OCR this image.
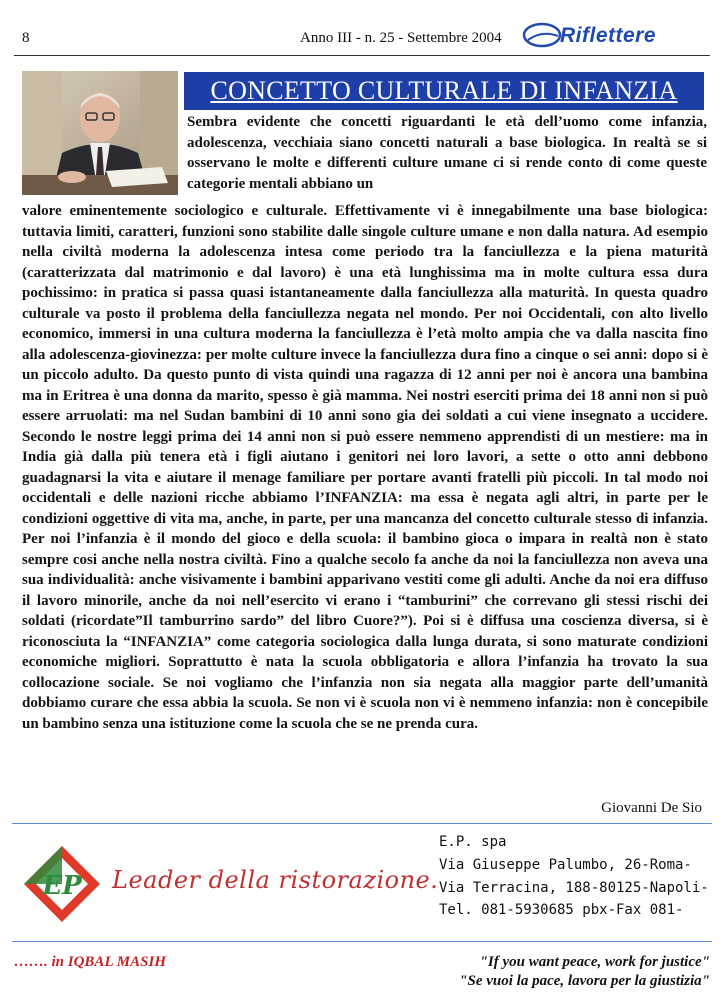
8	Anno III - n. 25 - Settembre 2004	Riflettere
CONCETTO CULTURALE DI INFANZIA
Sembra evidente che concetti riguardanti le età dell’uomo come infanzia, adolescenza, vecchiaia siano concetti naturali a base biologica. In realtà se si osservano le molte e differenti culture umane ci si rende conto di come queste categorie mentali abbiano un
valore eminentemente sociologico e culturale. Effettivamente vi è innegabilmente una base biologica: tuttavia limiti, caratteri, funzioni sono stabilite dalle singole culture umane e non dalla natura. Ad esempio nella civiltà moderna la adolescenza intesa come periodo tra la fanciullezza e la piena maturità (caratterizzata dal matrimonio e dal lavoro) è una età lunghissima ma in molte cultura essa dura pochissimo: in pratica si passa quasi istantaneamente dalla fanciullezza alla maturità. In questa quadro culturale va posto il problema della fanciullezza negata nel mondo. Per noi Occidentali, con alto livello economico, immersi in una cultura moderna la fanciullezza è l’età molto ampia che va dalla nascita fino alla adolescenza-giovinezza: per molte culture invece la fanciullezza dura fino a cinque o sei anni: dopo si è un piccolo adulto. Da questo punto di vista quindi una ragazza di 12 anni per noi è ancora una bambina ma in Eritrea è una donna da marito, spesso è già mamma. Nei nostri eserciti prima dei 18 anni non si può essere arruolati: ma nel Sudan bambini di 10 anni sono gia dei soldati a cui viene insegnato a uccidere. Secondo le nostre leggi prima dei 14 anni non si può essere nemmeno apprendisti di un mestiere: ma in India già dalla più tenera età i figli aiutano i genitori nei loro lavori, a sette o otto anni debbono guadagnarsi la vita e aiutare il menage familiare per portare avanti fratelli più piccoli. In tal modo noi occidentali e delle nazioni ricche abbiamo l’INFANZIA: ma essa è negata agli altri, in parte per le condizioni oggettive di vita ma, anche, in parte, per una mancanza del concetto culturale stesso di infanzia. Per noi l’infanzia è il mondo del gioco e della scuola: il bambino gioca o impara in realtà non è stato sempre cosi anche nella nostra civiltà. Fino a qualche secolo fa anche da noi la fanciullezza non aveva una sua individualità: anche visivamente i bambini apparivano vestiti come gli adulti. Anche da noi era diffuso il lavoro minorile, anche da noi nell’esercito vi erano i “tamburini” che correvano gli stessi rischi dei soldati (ricordate”Il tamburrino sardo” del libro Cuore?”). Poi si è diffusa una coscienza diversa, si è riconosciuta la “INFANZIA” come categoria sociologica dalla lunga durata, si sono maturate condizioni economiche migliori. Soprattutto è nata la scuola obbligatoria e allora l’infanzia ha trovato la sua collocazione sociale. Se noi vogliamo che l’infanzia non sia negata alla maggior parte dell’umanità dobbiamo curare che essa abbia la scuola. Se non vi è scuola non vi è nemmeno infanzia: non è concepibile un bambino senza una istituzione come la scuola che se ne prenda cura.
Giovanni De Sio
EP Leader della ristorazione.
E.P. spa
Via Giuseppe Palumbo, 26-Roma-
Via Terracina, 188-80125-Napoli-
Tel. 081-5930685 pbx-Fax 081-
……. in IQBAL MASIH	"If you want peace, work for justice"
"Se vuoi la pace, lavora per la giustizia"
